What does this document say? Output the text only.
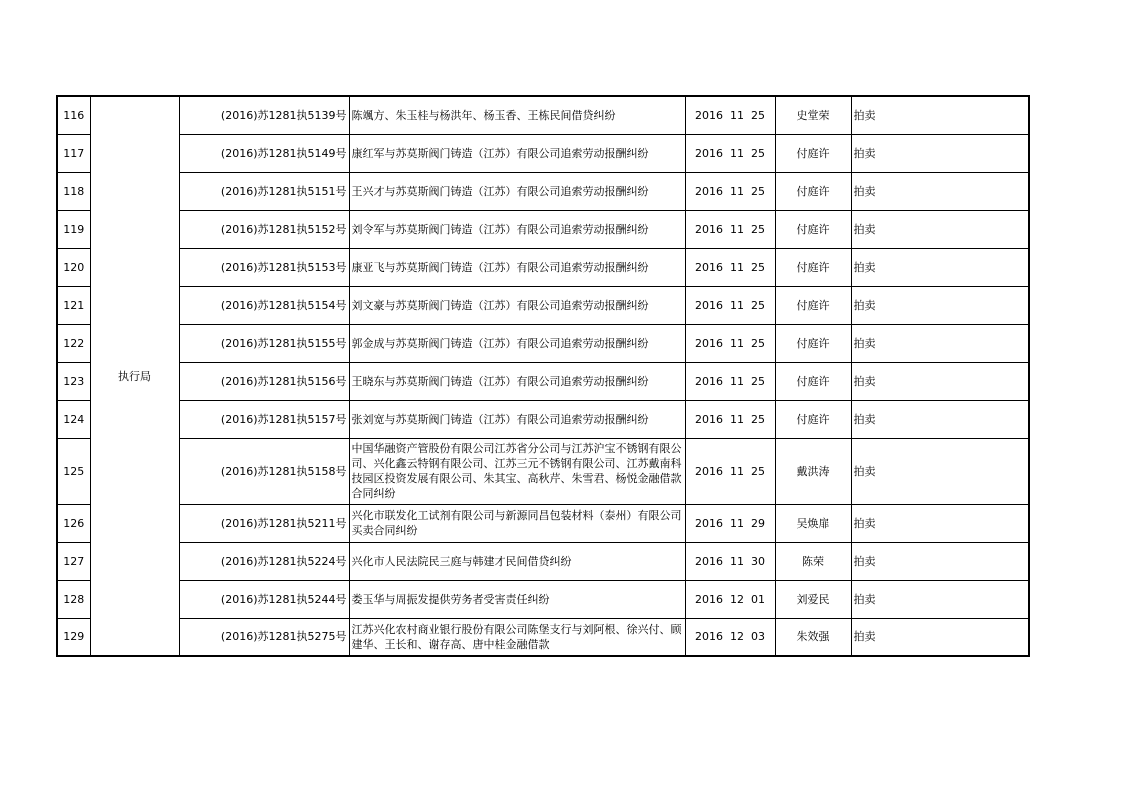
116	执行局	(2016)苏1281执5139号	陈颯方、朱玉桂与杨洪年、杨玉香、王栋民间借贷纠纷	2016  11  25	史堂荣	拍卖
117		(2016)苏1281执5149号	康红军与苏莫斯阀门铸造（江苏）有限公司追索劳动报酬纠纷	2016  11  25	付庭许	拍卖
118		(2016)苏1281执5151号	王兴才与苏莫斯阀门铸造（江苏）有限公司追索劳动报酬纠纷	2016  11  25	付庭许	拍卖
119		(2016)苏1281执5152号	刘令军与苏莫斯阀门铸造（江苏）有限公司追索劳动报酬纠纷	2016  11  25	付庭许	拍卖
120		(2016)苏1281执5153号	康亚飞与苏莫斯阀门铸造（江苏）有限公司追索劳动报酬纠纷	2016  11  25	付庭许	拍卖
121		(2016)苏1281执5154号	刘文豪与苏莫斯阀门铸造（江苏）有限公司追索劳动报酬纠纷	2016  11  25	付庭许	拍卖
122		(2016)苏1281执5155号	郭金成与苏莫斯阀门铸造（江苏）有限公司追索劳动报酬纠纷	2016  11  25	付庭许	拍卖
123		(2016)苏1281执5156号	王晓东与苏莫斯阀门铸造（江苏）有限公司追索劳动报酬纠纷	2016  11  25	付庭许	拍卖
124		(2016)苏1281执5157号	张刘宽与苏莫斯阀门铸造（江苏）有限公司追索劳动报酬纠纷	2016  11  25	付庭许	拍卖
125		(2016)苏1281执5158号	中国华融资产管股份有限公司江苏省分公司与江苏沪宝不锈钢有限公司、兴化鑫云特钢有限公司、江苏三元不锈钢有限公司、江苏戴南科技园区投资发展有限公司、朱其宝、高秋芹、朱雪君、杨悦金融借款合同纠纷	2016  11  25	戴洪涛	拍卖
126		(2016)苏1281执5211号	兴化市联发化工试剂有限公司与新源同昌包装材料（泰州）有限公司买卖合同纠纷	2016  11  29	吴焕扉	拍卖
127		(2016)苏1281执5224号	兴化市人民法院民三庭与韩建才民间借贷纠纷	2016  11  30	陈荣	拍卖
128		(2016)苏1281执5244号	娄玉华与周振发提供劳务者受害责任纠纷	2016  12  01	刘爱民	拍卖
129		(2016)苏1281执5275号	江苏兴化农村商业银行股份有限公司陈堡支行与刘阿根、徐兴付、顾建华、王长和、谢存高、唐中桂金融借款	2016  12  03	朱效强	拍卖
